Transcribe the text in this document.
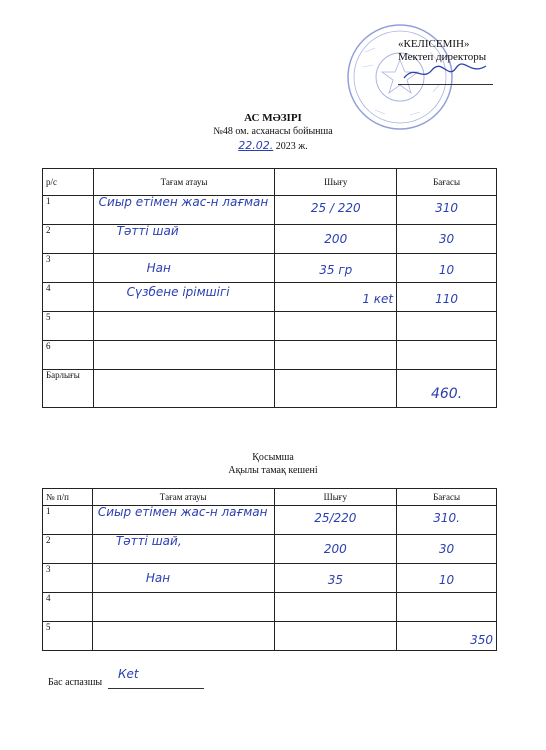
«КЕЛІСЕМІН»
Мектеп директоры
АС МӘЗІРІ
№48 ом. асханасы бойынша
22.02. 2023 ж.
р/с	Тағам атауы	Шығу	Бағасы
1	Сиыр етімен жас-н лағман	25 / 220	310

2	Тәтті шай	200	30

3	Нан	35 гр	10

4	Сүзбене ірімшігі	1 кеt	110

5			
6			
Барлығы			460.
Қосымша
Ақылы тамақ кешені
№ п/п	Тағам атауы	Шығу	Бағасы
1	Сиыр етімен жас-н лағман	25/220	310.

2	Тәтті шай,	200	30

3	Нан	35	10

4			
5			350
Бас аспазшы
Кеt
